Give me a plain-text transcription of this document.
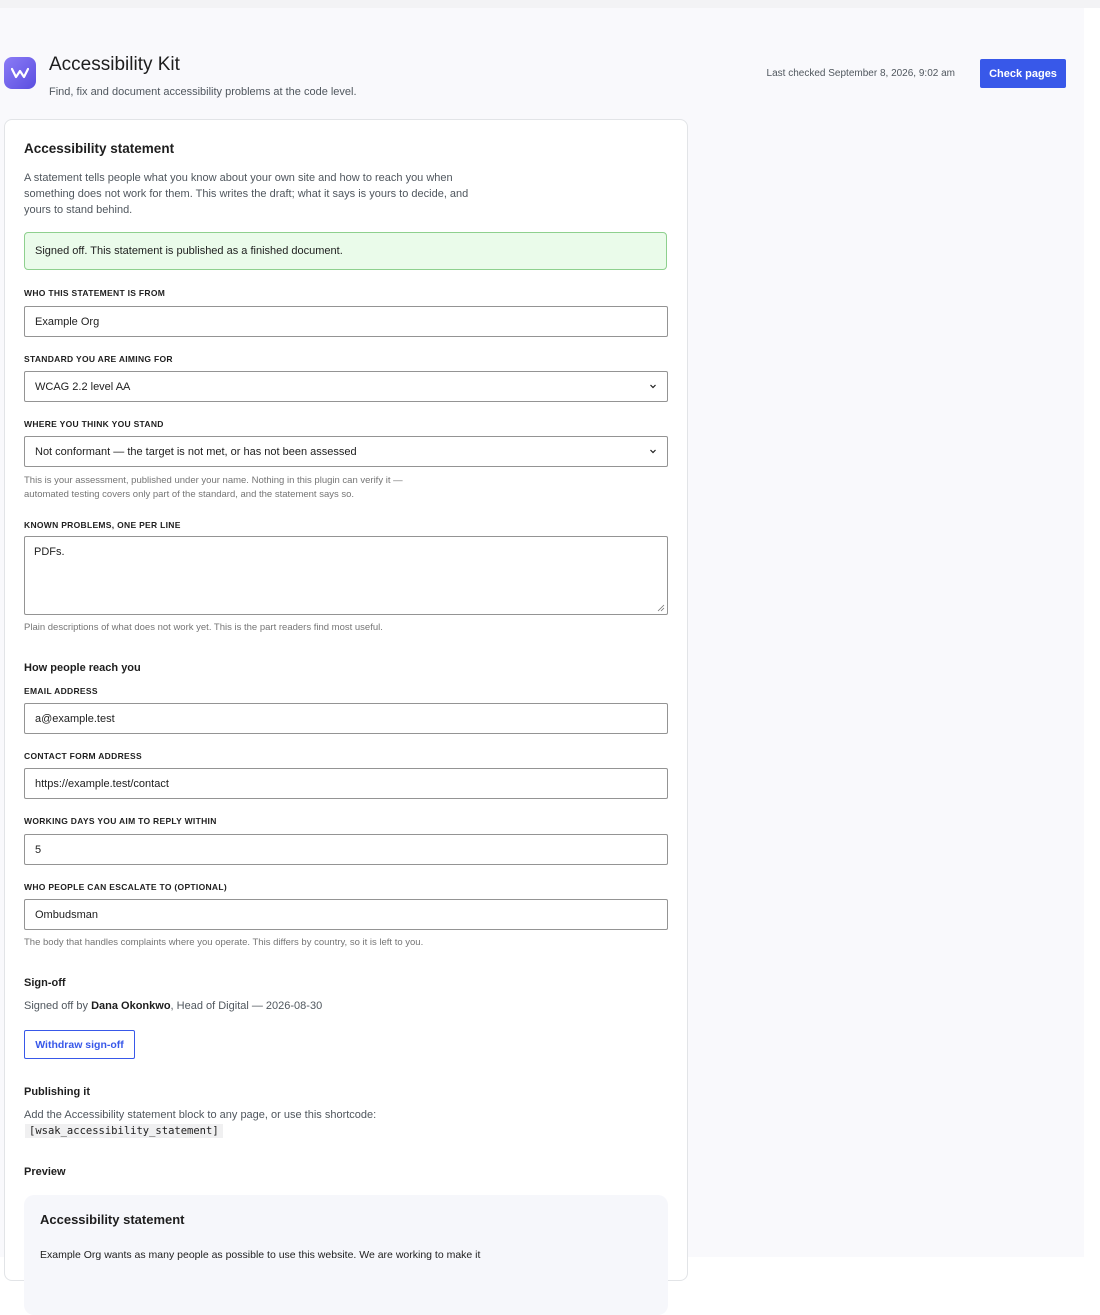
Accessibility Kit
Find, fix and document accessibility problems at the code level.
Last checked September 8, 2026, 9:02 am	Check pages
Accessibility statement
A statement tells people what you know about your own site and how to reach you when something does not work for them. This writes the draft; what it says is yours to decide, and yours to stand behind.
Signed off. This statement is published as a finished document.
WHO THIS STATEMENT IS FROM
Example Org
STANDARD YOU ARE AIMING FOR
WCAG 2.2 level AA
WHERE YOU THINK YOU STAND
Not conformant — the target is not met, or has not been assessed
This is your assessment, published under your name. Nothing in this plugin can verify it —
automated testing covers only part of the standard, and the statement says so.
KNOWN PROBLEMS, ONE PER LINE
PDFs.
Plain descriptions of what does not work yet. This is the part readers find most useful.
How people reach you
EMAIL ADDRESS
a@example.test
CONTACT FORM ADDRESS
https://example.test/contact
WORKING DAYS YOU AIM TO REPLY WITHIN
5
WHO PEOPLE CAN ESCALATE TO (OPTIONAL)
Ombudsman
The body that handles complaints where you operate. This differs by country, so it is left to you.
Sign-off
Signed off by Dana Okonkwo, Head of Digital — 2026-08-30
Withdraw sign-off
Publishing it
Add the Accessibility statement block to any page, or use this shortcode:
[wsak_accessibility_statement]
Preview
Accessibility statement
Example Org wants as many people as possible to use this website. We are working to make it
